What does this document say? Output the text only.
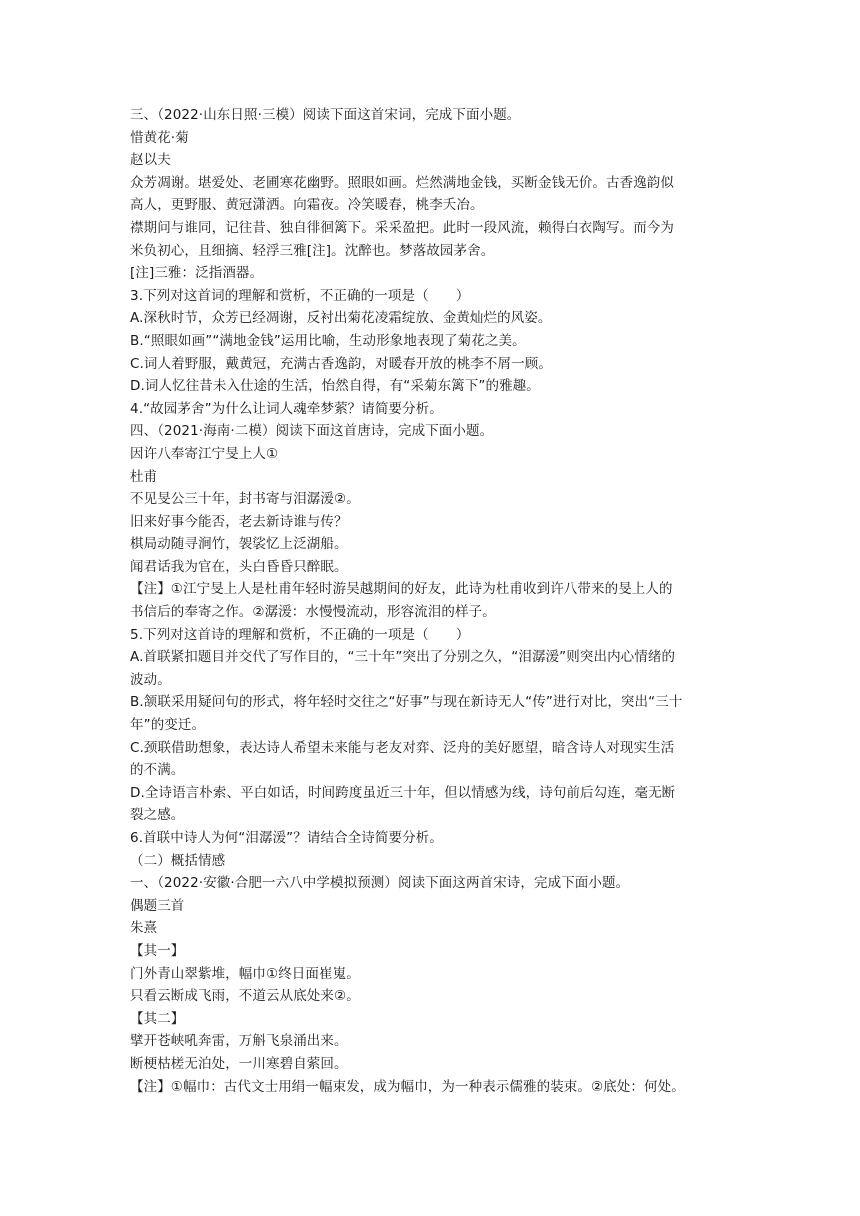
三、（2022·山东日照·三模）阅读下面这首宋词，完成下面小题。
惜黄花·菊
赵以夫
众芳凋谢。堪爱处、老圃寒花幽野。照眼如画。烂然满地金钱，买断金钱无价。古香逸韵似
高人，更野服、黄冠潇洒。向霜夜。冷笑暖春，桃李夭冶。
襟期问与谁同，记往昔、独自徘徊篱下。采采盈把。此时一段风流，赖得白衣陶写。而今为
米负初心，且细摘、轻浮三雅[注]。沈醉也。梦落故园茅舍。
[注]三雅：泛指酒器。
3.下列对这首词的理解和赏析，不正确的一项是（　　）
A.深秋时节，众芳已经凋谢，反衬出菊花凌霜绽放、金黄灿烂的风姿。
B.“照眼如画”“满地金钱”运用比喻，生动形象地表现了菊花之美。
C.词人着野服，戴黄冠，充满古香逸韵，对暖春开放的桃李不屑一顾。
D.词人忆往昔未入仕途的生活，怡然自得，有“采菊东篱下”的雅趣。
4.“故园茅舍”为什么让词人魂牵梦萦？请简要分析。
四、（2021·海南·二模）阅读下面这首唐诗，完成下面小题。
因许八奉寄江宁旻上人①
杜甫
不见旻公三十年，封书寄与泪潺湲②。
旧来好事今能否，老去新诗谁与传？
棋局动随寻涧竹，袈裟忆上泛湖船。
闻君话我为官在，头白昏昏只醉眠。
【注】①江宁旻上人是杜甫年轻时游吴越期间的好友，此诗为杜甫收到许八带来的旻上人的
书信后的奉寄之作。②潺湲：水慢慢流动，形容流泪的样子。
5.下列对这首诗的理解和赏析，不正确的一项是（　　）
A.首联紧扣题目并交代了写作目的，“三十年”突出了分别之久，“泪潺湲”则突出内心情绪的
波动。
B.颔联采用疑问句的形式，将年轻时交往之“好事”与现在新诗无人“传”进行对比，突出“三十
年”的变迁。
C.颈联借助想象，表达诗人希望未来能与老友对弈、泛舟的美好愿望，暗含诗人对现实生活
的不满。
D.全诗语言朴索、平白如话，时间跨度虽近三十年，但以情感为线，诗句前后勾连，毫无断
裂之感。
6.首联中诗人为何“泪潺湲”？请结合全诗简要分析。
（二）概括情感
一、（2022·安徽·合肥一六八中学模拟预测）阅读下面这两首宋诗，完成下面小题。
偶题三首
朱熹
【其一】
门外青山翠紫堆，幅巾①终日面崔嵬。
只看云断成飞雨，不道云从底处来②。
【其二】
擘开苍峡吼奔雷，万斛飞泉涌出来。
断梗枯槎无泊处，一川寒碧自萦回。
【注】①幅巾：古代文士用绢一幅束发，成为幅巾，为一种表示儒雅的装束。②底处：何处。
